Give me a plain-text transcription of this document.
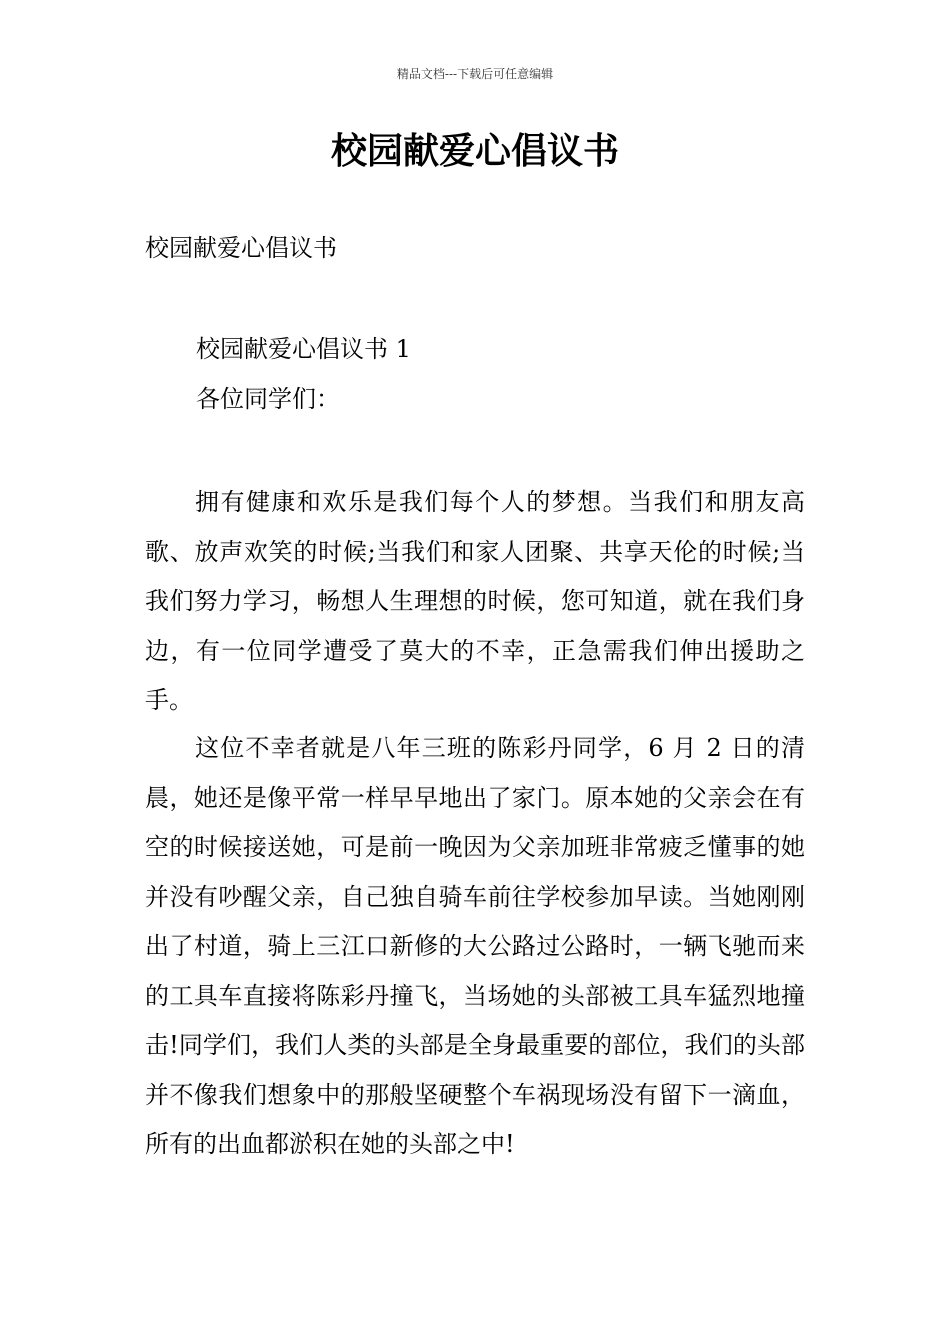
精品文档---下载后可任意编辑
校园献爱心倡议书
校园献爱心倡议书
校园献爱心倡议书 1
各位同学们：

拥有健康和欢乐是我们每个人的梦想。当我们和朋友高歌、放声欢笑的时候;当我们和家人团聚、共享天伦的时候;当我们努力学习，畅想人生理想的时候，您可知道，就在我们身边，有一位同学遭受了莫大的不幸，正急需我们伸出援助之手。

这位不幸者就是八年三班的陈彩丹同学，6 月 2 日的清晨，她还是像平常一样早早地出了家门。原本她的父亲会在有空的时候接送她，可是前一晚因为父亲加班非常疲乏懂事的她并没有吵醒父亲，自己独自骑车前往学校参加早读。当她刚刚出了村道，骑上三江口新修的大公路过公路时，一辆飞驰而来的工具车直接将陈彩丹撞飞，当场她的头部被工具车猛烈地撞击!同学们，我们人类的头部是全身最重要的部位，我们的头部并不像我们想象中的那般坚硬整个车祸现场没有留下一滴血，所有的出血都淤积在她的头部之中!
